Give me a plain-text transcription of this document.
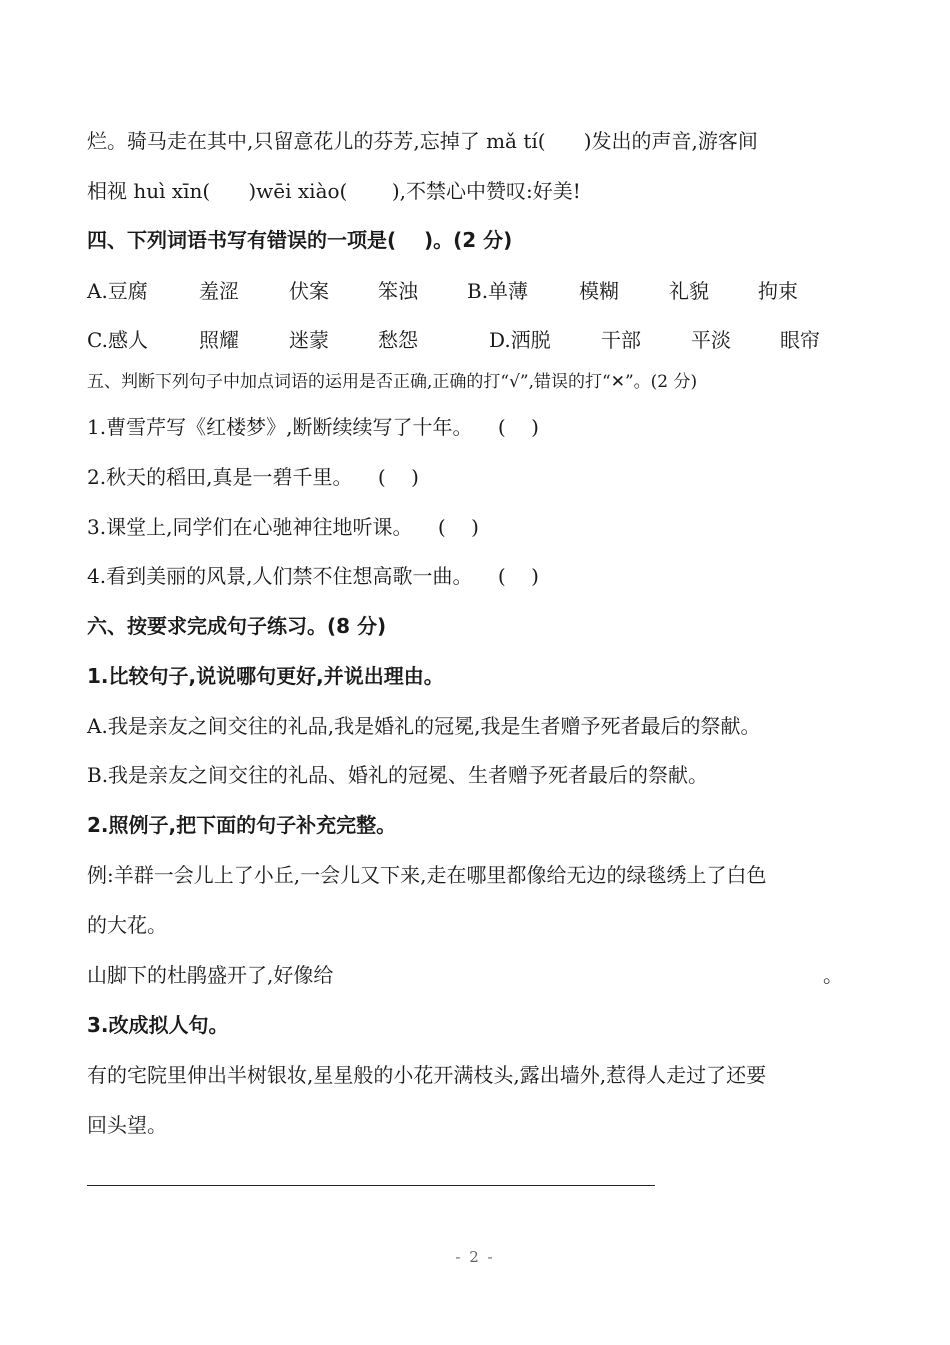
烂。骑马走在其中,只留意花儿的芬芳,忘掉了 mǎ tí(      )发出的声音,游客间
相视 huì xīn(      )wēi xiào(       ),不禁心中赞叹:好美!
四、下列词语书写有错误的一项是(    )。(2 分)
A.豆腐	羞涩	伏案 笨浊 B.单薄	模糊	礼貌 拘束
C.感人	照耀	迷蒙 愁怨	D.洒脱	干部	平淡 眼帘
五、判断下列句子中加点词语的运用是否正确,正确的打“√”,错误的打“✕”。(2 分)
1.曹雪芹写《红楼梦》,断断续续写了十年。    (    )
2.秋天的稻田,真是一碧千里。    (    )
3.课堂上,同学们在心驰神往地听课。    (    )
4.看到美丽的风景,人们禁不住想高歌一曲。    (    )
六、按要求完成句子练习。(8 分)
1.比较句子,说说哪句更好,并说出理由。
A.我是亲友之间交往的礼品,我是婚礼的冠冕,我是生者赠予死者最后的祭献。
B.我是亲友之间交往的礼品、婚礼的冠冕、生者赠予死者最后的祭献。
2.照例子,把下面的句子补充完整。
例:羊群一会儿上了小丘,一会儿又下来,走在哪里都像给无边的绿毯绣上了白色
的大花。
山脚下的杜鹃盛开了,好像给	。
3.改成拟人句。
有的宅院里伸出半树银妆,星星般的小花开满枝头,露出墙外,惹得人走过了还要
回头望。
- 2 -
